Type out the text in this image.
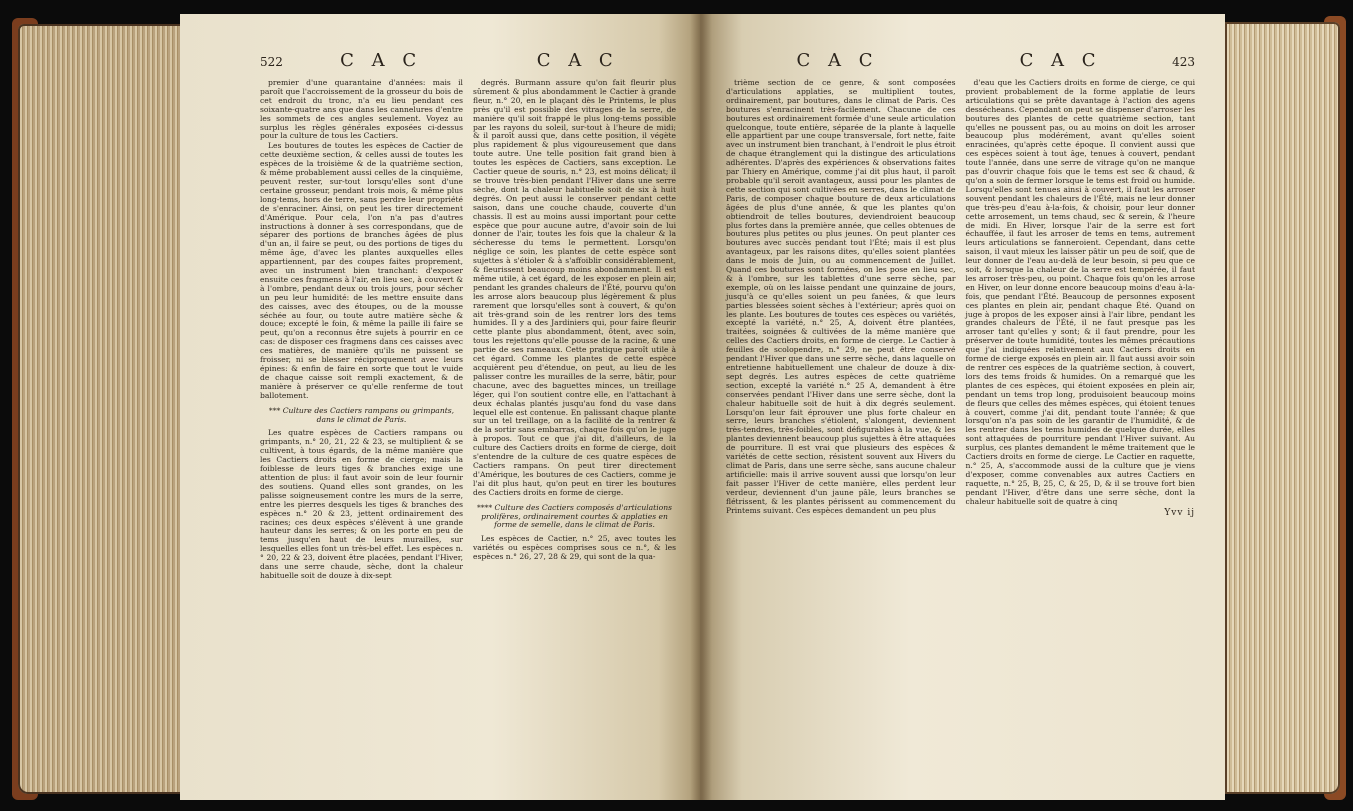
522	C A C	C A C

premier d'une quarantaine d'années: mais il paroît que l'accroissement de la grosseur du bois de cet endroit du tronc, n'a eu lieu pendant ces soixante-quatre ans que dans les cannelures d'entre les sommets de ces angles seulement. Voyez au surplus les règles générales exposées ci-dessus pour la culture de tous les Cactiers.

Les boutures de toutes les espèces de Cactier de cette deuxième section, & celles aussi de toutes les espèces de la troisième & de la quatrième section, & même probablement aussi celles de la cinquième, peuvent rester, sur-tout lorsqu'elles sont d'une certaine grosseur, pendant trois mois, & même plus long-tems, hors de terre, sans perdre leur propriété de s'enraciner. Ainsi, on peut les tirer directement d'Amérique. Pour cela, l'on n'a pas d'autres instructions à donner à ses correspondans, que de séparer des portions de branches âgées de plus d'un an, il faire se peut, ou des portions de tiges du même âge, d'avec les plantes auxquelles elles appartiennent, par des coupes faites proprement, avec un instrument bien tranchant: d'exposer ensuite ces fragmens à l'air, en lieu sec, à couvert & à l'ombre, pendant deux ou trois jours, pour sécher un peu leur humidité: de les mettre ensuite dans des caisses, avec des étoupes, ou de la mousse séchée au four, ou toute autre matière sèche & douce; excepté le foin, & même la paille ili faire se peut, qu'on a reconnus être sujets à pourrir en ce cas: de disposer ces fragmens dans ces caisses avec ces matières, de manière qu'ils ne puissent se froisser, ni se blesser réciproquement avec leurs épines: & enfin de faire en sorte que tout le vuide de chaque caisse soit rempli exactement, & de manière à préserver ce qu'elle renferme de tout ballotement.

*** Culture des Cactiers rampans ou grimpants, dans le climat de Paris.

Les quatre espèces de Cactiers rampans ou grimpants, n.° 20, 21, 22 & 23, se multiplient & se cultivent, à tous égards, de la même manière que les Cactiers droits en forme de cierge; mais la foiblesse de leurs tiges & branches exige une attention de plus: il faut avoir soin de leur fournir des soutiens. Quand elles sont grandes, on les palisse soigneusement contre les murs de la serre, entre les pierres desquels les tiges & branches des espèces n.° 20 & 23, jettent ordinairement des racines; ces deux espèces s'élèvent à une grande hauteur dans les serres; & on les porte en peu de tems jusqu'en haut de leurs murailles, sur lesquelles elles font un très-bel effet. Les espèces n.° 20, 22 & 23, doivent être placées, pendant l'Hiver, dans une serre chaude, sèche, dont la chaleur habituelle soit de douze à dix-sept

degrés. Burmann assure qu'on fait fleurir plus sûrement & plus abondamment le Cactier à grande fleur, n.° 20, en le plaçant dès le Printems, le plus près qu'il est possible des vitrages de la serre, de manière qu'il soit frappé le plus long-tems possible par les rayons du soleil, sur-tout à l'heure de midi; & il paroît aussi que, dans cette position, il végète plus rapidement & plus vigoureusement que dans toute autre. Une telle position fait grand bien à toutes les espèces de Cactiers, sans exception. Le Cactier queue de souris, n.° 23, est moins délicat; il se trouve très-bien pendant l'Hiver dans une serre sèche, dont la chaleur habituelle soit de six à huit degrés. On peut aussi le conserver pendant cette saison, dans une couche chaude, couverte d'un chassis. Il est au moins aussi important pour cette espèce que pour aucune autre, d'avoir soin de lui donner de l'air, toutes les fois que la chaleur & la sécheresse du tems le permettent. Lorsqu'on néglige ce soin, les plantes de cette espèce sont sujettes à s'étioler & à s'affoiblir considérablement, & fleurissent beaucoup moins abondamment. Il est même utile, à cet égard, de les exposer en plein air, pendant les grandes chaleurs de l'Été, pourvu qu'on les arrose alors beaucoup plus légèrement & plus rarement que lorsqu'elles sont à couvert, & qu'on ait très-grand soin de les rentrer lors des tems humides. Il y a des Jardiniers qui, pour faire fleurir cette plante plus abondamment, ôtent, avec soin, tous les rejettons qu'elle pousse de la racine, & une partie de ses rameaux. Cette pratique paroît utile à cet égard. Comme les plantes de cette espèce acquièrent peu d'étendue, on peut, au lieu de les palisser contre les murailles de la serre, bâtir, pour chacune, avec des baguettes minces, un treillage léger, qui l'on soutient contre elle, en l'attachant à deux échalas plantés jusqu'au fond du vase dans lequel elle est contenue. En palissant chaque plante sur un tel treillage, on a la facilité de la rentrer & de la sortir sans embarras, chaque fois qu'on le juge à propos. Tout ce que j'ai dit, d'ailleurs, de la culture des Cactiers droits en forme de cierge, doit s'entendre de la culture de ces quatre espèces de Cactiers rampans. On peut tirer directement d'Amérique, les boutures de ces Cactiers, comme je l'ai dit plus haut, qu'on peut en tirer les boutures des Cactiers droits en forme de cierge.

**** Culture des Cactiers composés d'articulations prolifères, ordinairement courtes & applaties en forme de semelle, dans le climat de Paris.

Les espèces de Cactier, n.° 25, avec toutes les variétés ou espèces comprises sous ce n.°, & les espèces n.° 26, 27, 28 & 29, qui sont de la qua-

C A C	C A C	423

trième section de ce genre, & sont composées d'articulations applaties, se multiplient toutes, ordinairement, par boutures, dans le climat de Paris. Ces boutures s'enracinent très-facilement. Chacune de ces boutures est ordinairement formée d'une seule articulation quelconque, toute entière, séparée de la plante à laquelle elle appartient par une coupe transversale, fort nette, faite avec un instrument bien tranchant, à l'endroit le plus étroit de chaque étranglement qui la distingue des articulations adhérentes. D'après des expériences & observations faites par Thiery en Amérique, comme j'ai dit plus haut, il paroît probable qu'il seroit avantageux, aussi pour les plantes de cette section qui sont cultivées en serres, dans le climat de Paris, de composer chaque bouture de deux articulations âgées de plus d'une année, & que les plantes qu'on obtiendroit de telles boutures, deviendroient beaucoup plus fortes dans la première année, que celles obtenues de boutures plus petites ou plus jeunes. On peut planter ces boutures avec succès pendant tout l'Été; mais il est plus avantageux, par les raisons dites, qu'elles soient plantées dans le mois de Juin, ou au commencement de Juillet. Quand ces boutures sont formées, on les pose en lieu sec, & à l'ombre, sur les tablettes d'une serre sèche, par exemple, où on les laisse pendant une quinzaine de jours, jusqu'à ce qu'elles soient un peu fanées, & que leurs parties blessées soient sèches à l'extérieur; après quoi on les plante. Les boutures de toutes ces espèces ou variétés, excepté la variété, n.° 25, A, doivent être plantées, traitées, soignées & cultivées de la même manière que celles des Cactiers droits, en forme de cierge. Le Cactier à feuilles de scolopendre, n.° 29, ne peut être conservé pendant l'Hiver que dans une serre sèche, dans laquelle on entretienne habituellement une chaleur de douze à dix-sept degrés. Les autres espèces de cette quatrième section, excepté la variété n.° 25 A, demandent à être conservées pendant l'Hiver dans une serre sèche, dont la chaleur habituelle soit de huit à dix degrés seulement. Lorsqu'on leur fait éprouver une plus forte chaleur en serre, leurs branches s'étiolent, s'alongent, deviennent très-tendres, très-foibles, sont défigurables à la vue, & les plantes deviennent beaucoup plus sujettes à être attaquées de pourriture. Il est vrai que plusieurs des espèces & variétés de cette section, résistent souvent aux Hivers du climat de Paris, dans une serre sèche, sans aucune chaleur artificielle: mais il arrive souvent aussi que lorsqu'on leur fait passer l'Hiver de cette manière, elles perdent leur verdeur, deviennent d'un jaune pâle, leurs branches se flétrissent, & les plantes périssent au commencement du Printems suivant. Ces espèces demandent un peu plus

d'eau que les Cactiers droits en forme de cierge, ce qui provient probablement de la forme applatie de leurs articulations qui se prête davantage à l'action des agens dessécheans. Cependant on peut se dispenser d'arroser les boutures des plantes de cette quatrième section, tant qu'elles ne poussent pas, ou au moins on doit les arroser beaucoup plus modérément, avant qu'elles soient enracinées, qu'après cette époque. Il convient aussi que ces espèces soient à tout âge, tenues à couvert, pendant toute l'année, dans une serre de vitrage qu'on ne manque pas d'ouvrir chaque fois que le tems est sec & chaud, & qu'on a soin de fermer lorsque le tems est froid ou humide. Lorsqu'elles sont tenues ainsi à couvert, il faut les arroser souvent pendant les chaleurs de l'Été, mais ne leur donner que très-peu d'eau à-la-fois, & choisir, pour leur donner cette arrosement, un tems chaud, sec & serein, & l'heure de midi. En Hiver, lorsque l'air de la serre est fort échauffée, il faut les arroser de tems en tems, autrement leurs articulations se fanneroient. Cependant, dans cette saison, il vaut mieux les laisser pâtir un peu de soif, que de leur donner de l'eau au-delà de leur besoin, si peu que ce soit, & lorsque la chaleur de la serre est tempérée, il faut les arroser très-peu, ou point. Chaque fois qu'on les arrose en Hiver, on leur donne encore beaucoup moins d'eau à-la-fois, que pendant l'Été. Beaucoup de personnes exposent ces plantes en plein air, pendant chaque Été. Quand on juge à propos de les exposer ainsi à l'air libre, pendant les grandes chaleurs de l'Été, il ne faut presque pas les arroser tant qu'elles y sont; & il faut prendre, pour les préserver de toute humidité, toutes les mêmes précautions que j'ai indiquées relativement aux Cactiers droits en forme de cierge exposés en plein air. Il faut aussi avoir soin de rentrer ces espèces de la quatrième section, à couvert, lors des tems froids & humides. On a remarqué que les plantes de ces espèces, qui étoient exposées en plein air, pendant un tems trop long, produisoient beaucoup moins de fleurs que celles des mêmes espèces, qui étoient tenues à couvert, comme j'ai dit, pendant toute l'année; & que lorsqu'on n'a pas soin de les garantir de l'humidité, & de les rentrer dans les tems humides de quelque durée, elles sont attaquées de pourriture pendant l'Hiver suivant. Au surplus, ces plantes demandent le même traitement que le Cactiers droits en forme de cierge. Le Cactier en raquette, n.° 25, A, s'accommode aussi de la culture que je viens d'exposer, comme convenables aux autres Cactiers en raquette, n.° 25, B, 25, C, & 25, D, & il se trouve fort bien pendant l'Hiver, d'être dans une serre sèche, dont la chaleur habituelle soit de quatre à cinq

Yvv ij
